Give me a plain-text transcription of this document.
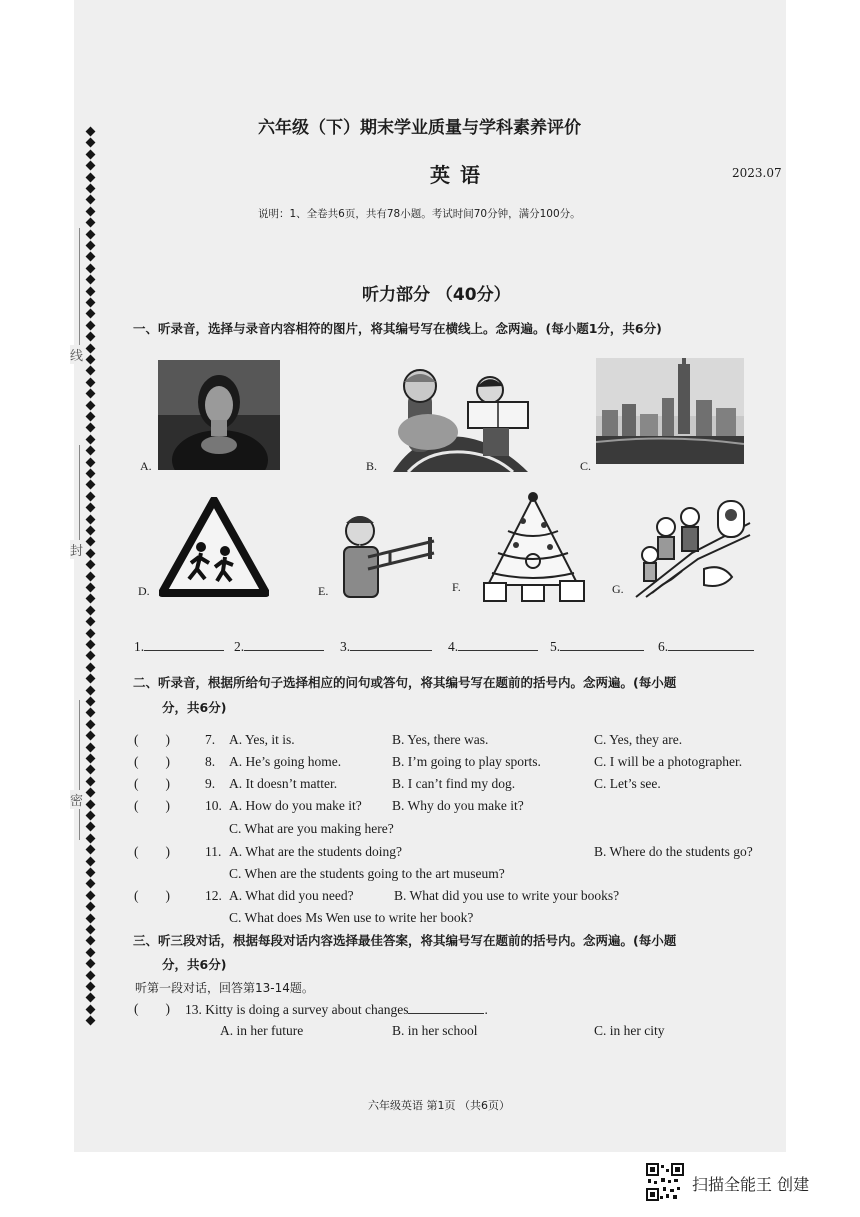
线
封
密
六年级（下）期末学业质量与学科素养评价
英语	2023.07
说明：1、全卷共6页，共有78小题。考试时间70分钟，满分100分。
听力部分 （40分）
一、听录音，选择与录音内容相符的图片，将其编号写在横线上。念两遍。(每小题1分，共6分)
A.	B.	C.
D.	E.	F.	G.
1.	2.	3.	4.	5.	6.
二、听录音，根据所给句子选择相应的问句或答句，将其编号写在题前的括号内。念两遍。(每小题
分，共6分)
(        )	7. A. Yes, it is.	B. Yes, there was.	C. Yes, they are.
(        )	8. A. He’s going home.	B. I’m going to play sports.	C. I will be a photographer.
(        )	9. A. It doesn’t matter.	B. I can’t find my dog.	C. Let’s see.
(        )	10. A. How do you make it? B. Why do you make it?
C. What are you making here?
(        )	11. A. What are the students doing?	B. Where do the students go?
C. When are the students going to the art museum?
(        )	12. A. What did you need?	B. What did you use to write your books?
C. What does Ms Wen use to write her book?
三、听三段对话，根据每段对话内容选择最佳答案，将其编号写在题前的括号内。念两遍。(每小题
分，共6分)
听第一段对话，回答第13-14题。
(        ) 13. Kitty is doing a survey about changes	.
A. in her future	B. in her school	C. in her city
六年级英语 第1页 （共6页）
扫描全能王 创建
